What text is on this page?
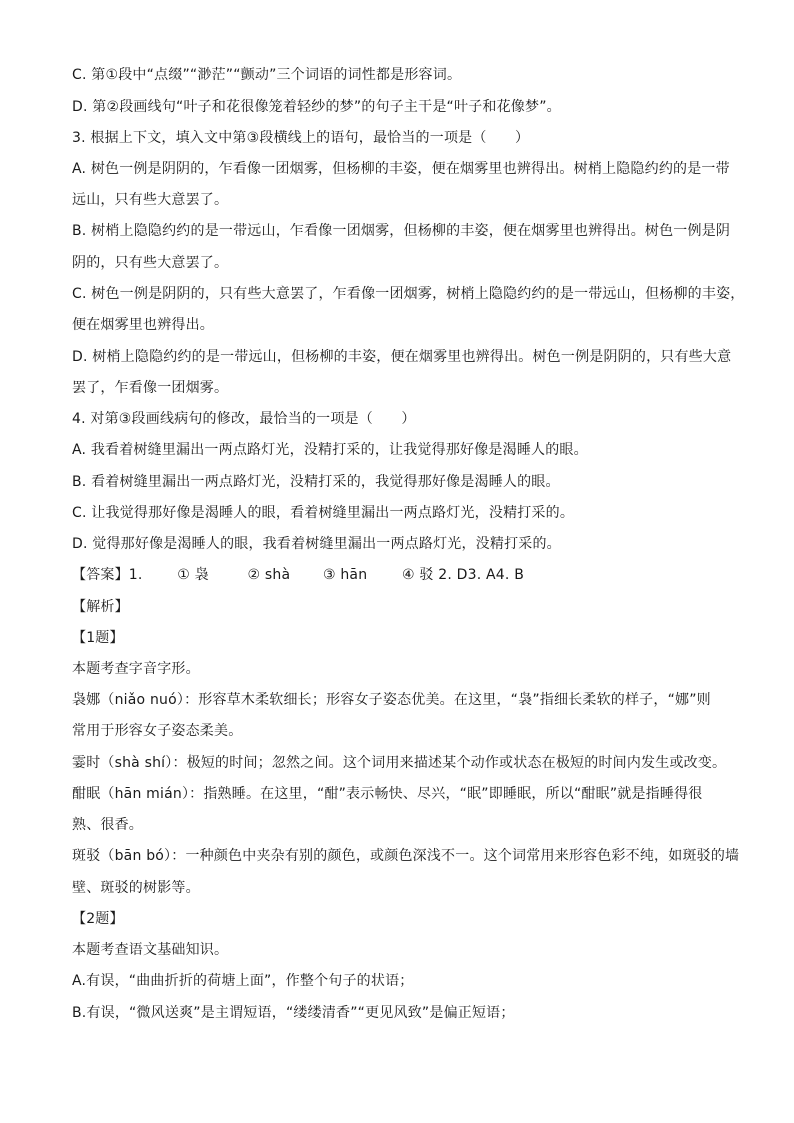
C. 第①段中“点缀”“渺茫”“颤动”三个词语的词性都是形容词。
D. 第②段画线句“叶子和花很像笼着轻纱的梦”的句子主干是“叶子和花像梦”。
3. 根据上下文，填入文中第③段横线上的语句，最恰当的一项是（　　）
A. 树色一例是阴阴的，乍看像一团烟雾，但杨柳的丰姿，便在烟雾里也辨得出。树梢上隐隐约约的是一带
远山，只有些大意罢了。
B. 树梢上隐隐约约的是一带远山，乍看像一团烟雾，但杨柳的丰姿，便在烟雾里也辨得出。树色一例是阴
阴的，只有些大意罢了。
C. 树色一例是阴阴的，只有些大意罢了，乍看像一团烟雾，树梢上隐隐约约的是一带远山，但杨柳的丰姿，
便在烟雾里也辨得出。
D. 树梢上隐隐约约的是一带远山，但杨柳的丰姿，便在烟雾里也辨得出。树色一例是阴阴的，只有些大意
罢了，乍看像一团烟雾。
4. 对第③段画线病句的修改，最恰当的一项是（　　）
A. 我看着树缝里漏出一两点路灯光，没精打采的，让我觉得那好像是渴睡人的眼。
B. 看着树缝里漏出一两点路灯光，没精打采的，我觉得那好像是渴睡人的眼。
C. 让我觉得那好像是渴睡人的眼，看着树缝里漏出一两点路灯光，没精打采的。
D. 觉得那好像是渴睡人的眼，我看着树缝里漏出一两点路灯光，没精打采的。
【答案】1. ① 袅	② shà ③ hān ④ 驳 2. D3. A4. B
【解析】
【1题】
本题考查字音字形。
袅娜（niǎo nuó）：形容草木柔软细长；形容女子姿态优美。在这里，“袅”指细长柔软的样子，“娜”则
常用于形容女子姿态柔美。
霎时（shà shí）：极短的时间；忽然之间。这个词用来描述某个动作或状态在极短的时间内发生或改变。
酣眠（hān mián）：指熟睡。在这里，“酣”表示畅快、尽兴，“眠”即睡眠，所以“酣眠”就是指睡得很
熟、很香。
斑驳（bān bó）：一种颜色中夹杂有别的颜色，或颜色深浅不一。这个词常用来形容色彩不纯，如斑驳的墙
壁、斑驳的树影等。
【2题】
本题考查语文基础知识。
A.有误，“曲曲折折的荷塘上面”，作整个句子的状语；
B.有误，“微风送爽”是主谓短语，“缕缕清香”“更见风致”是偏正短语；
